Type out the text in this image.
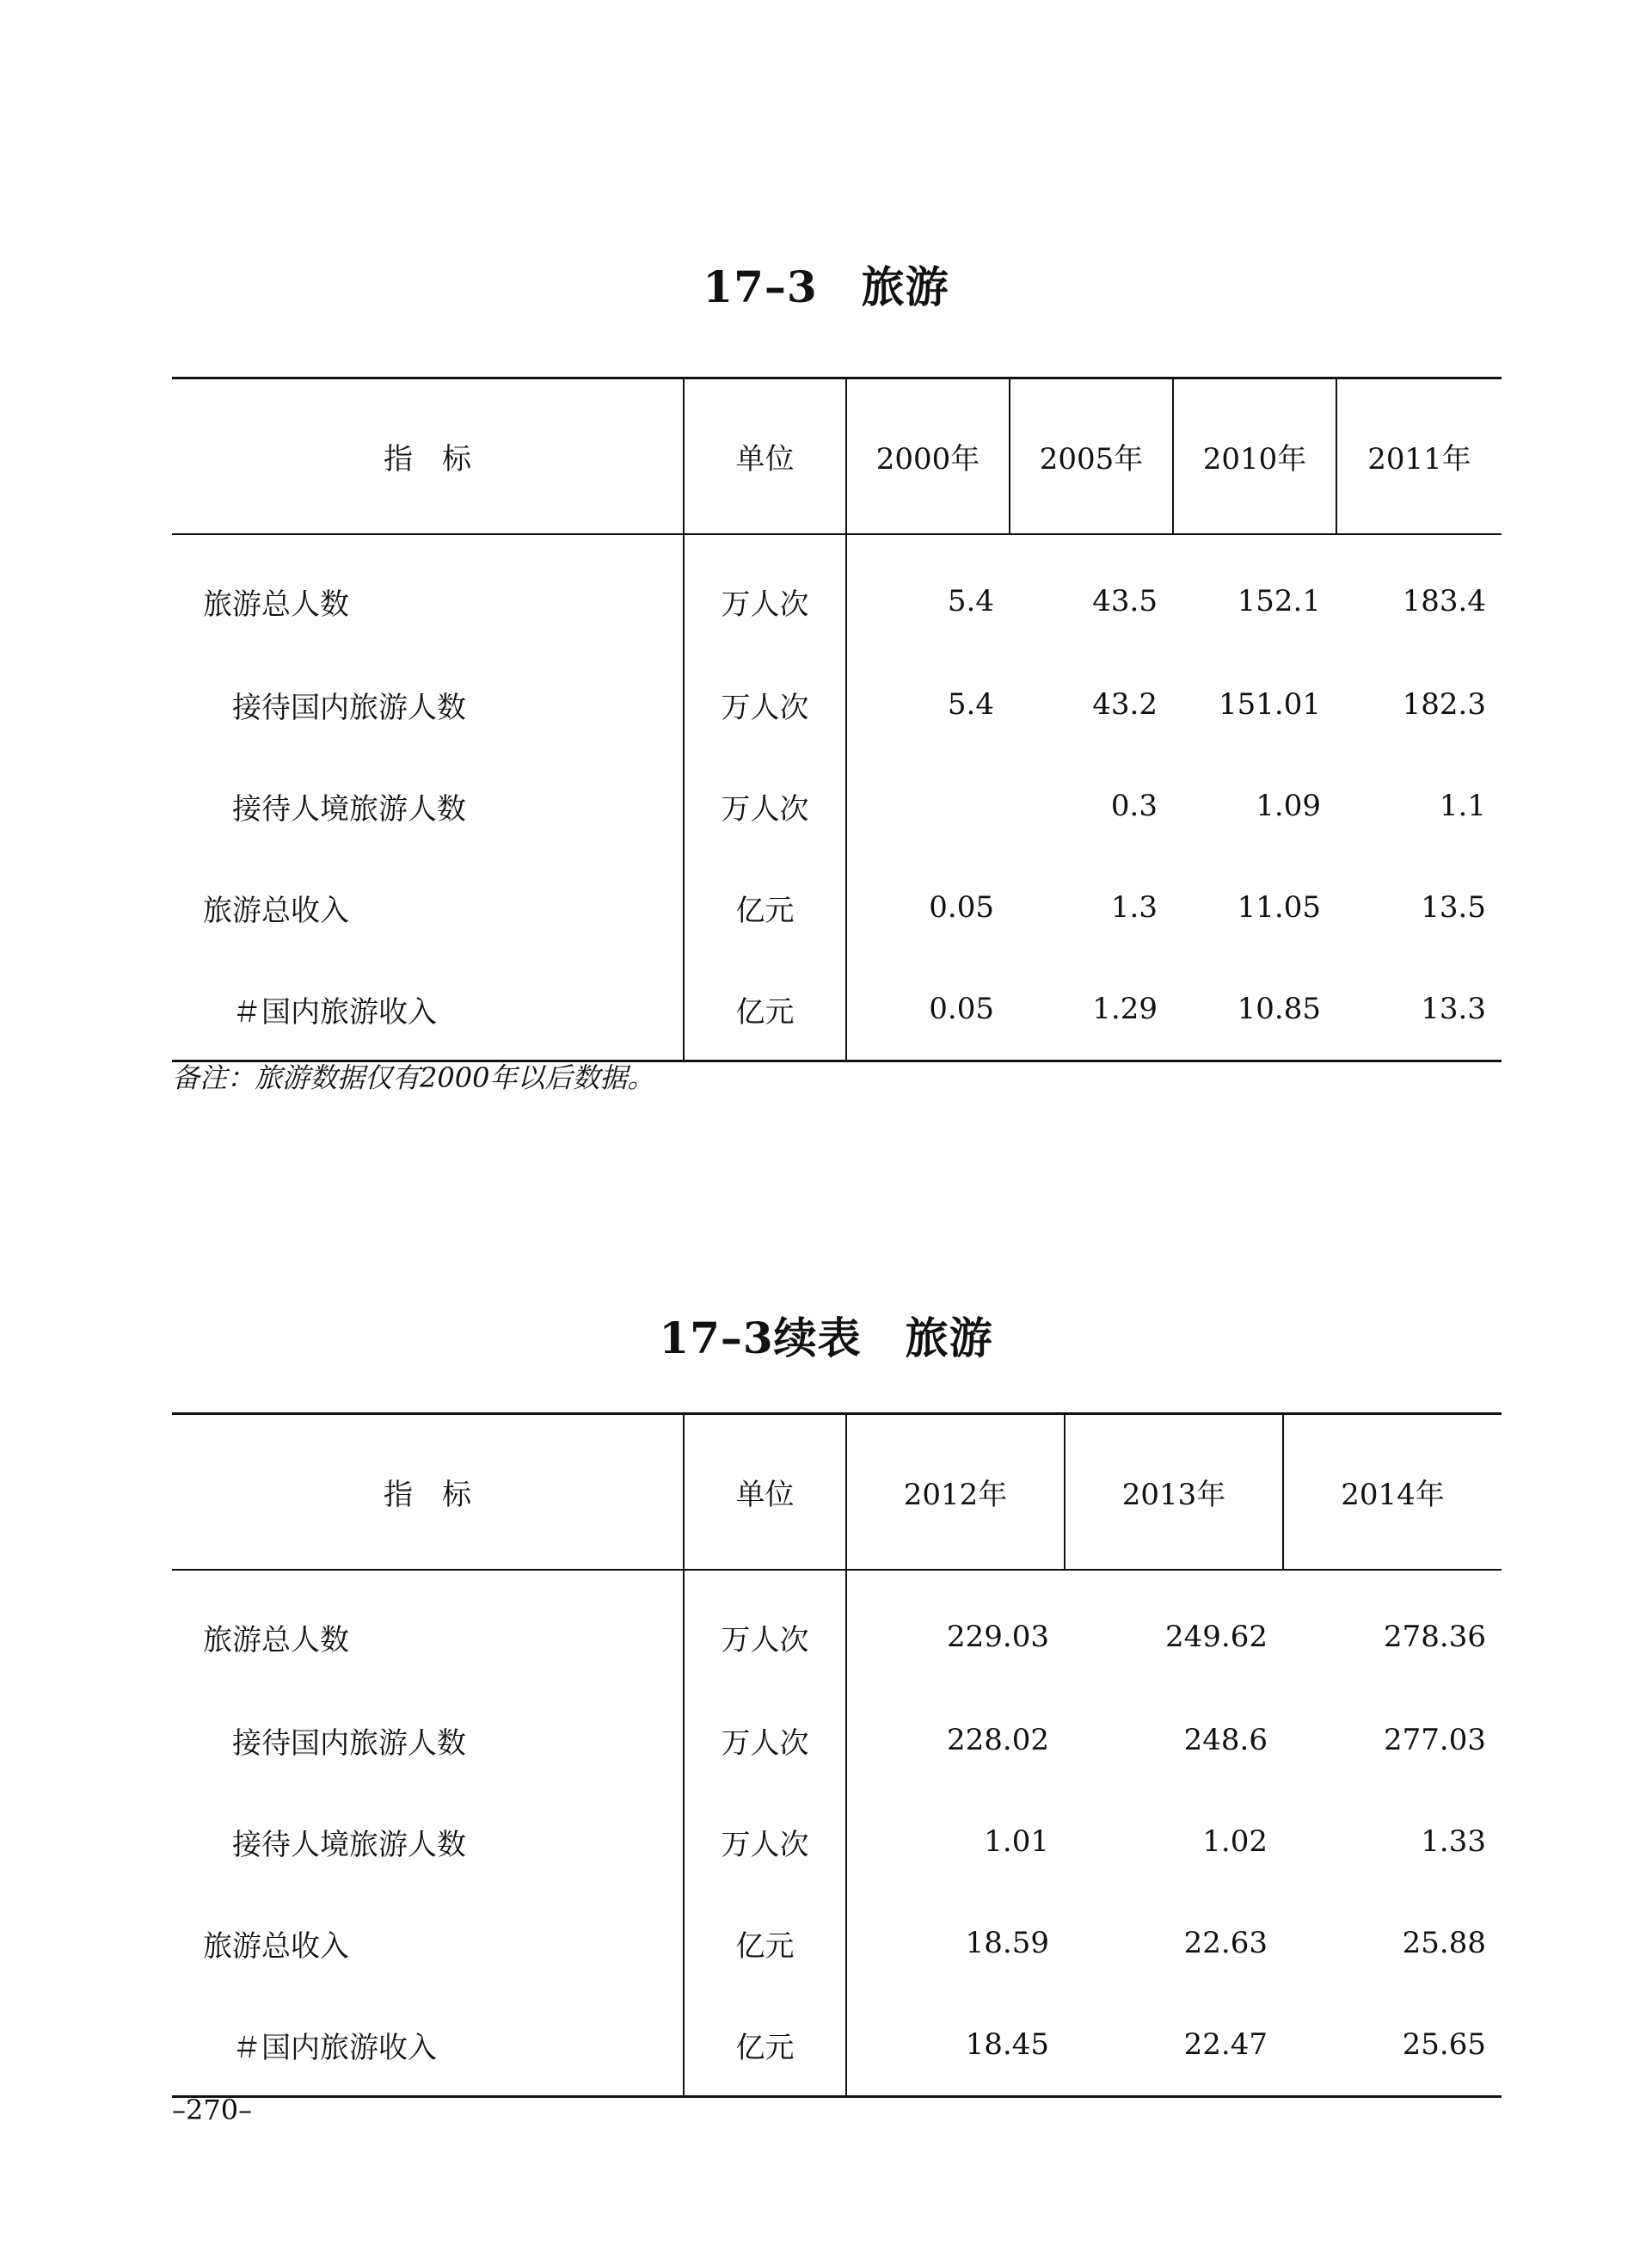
17–3　旅游
指　标	单位	2000年	2005年	2010年	2011年
旅游总人数	万人次	5.4	43.5	152.1	183.4
接待国内旅游人数	万人次	5.4	43.2	151.01	182.3
接待人境旅游人数	万人次		0.3	1.09	1.1
旅游总收入	亿元	0.05	1.3	11.05	13.5
＃国内旅游收入	亿元	0.05	1.29	10.85	13.3
备注：旅游数据仅有2000年以后数据。
17–3续表　旅游
指　标	单位	2012年	2013年	2014年
旅游总人数	万人次	229.03	249.62	278.36
接待国内旅游人数	万人次	228.02	248.6	277.03
接待人境旅游人数	万人次	1.01	1.02	1.33
旅游总收入	亿元	18.59	22.63	25.88
＃国内旅游收入	亿元	18.45	22.47	25.65
–270–
